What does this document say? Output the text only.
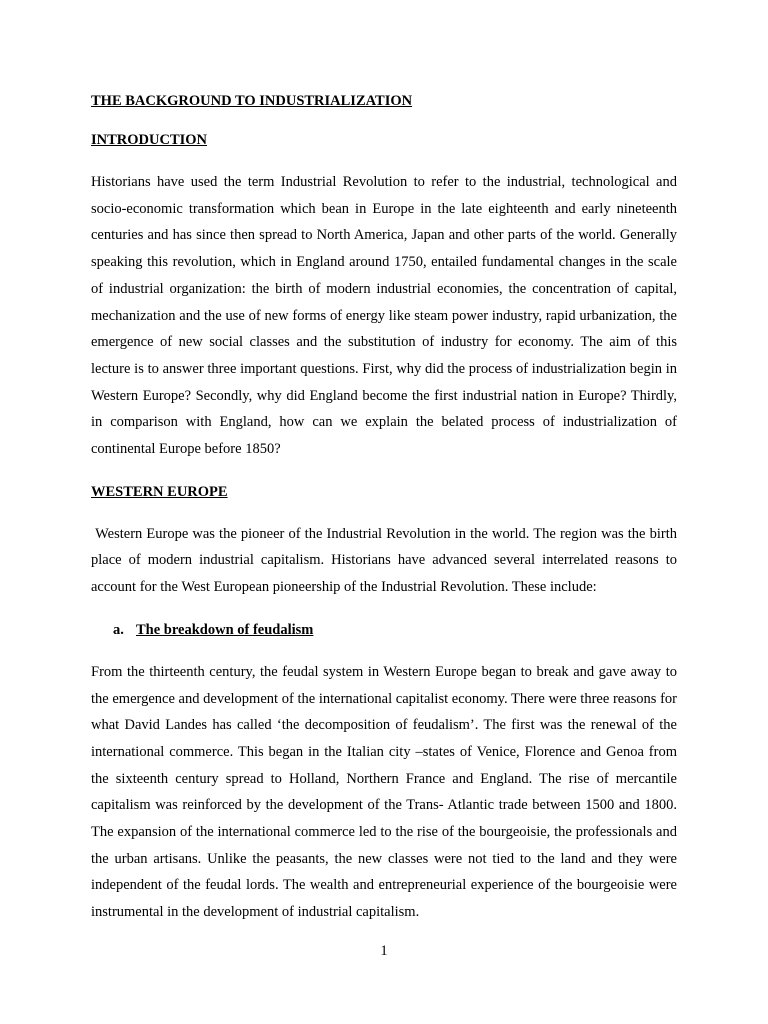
THE BACKGROUND TO INDUSTRIALIZATION
INTRODUCTION

Historians have used the term Industrial Revolution to refer to the industrial, technological and socio-economic transformation which bean in Europe in the late eighteenth and early nineteenth centuries and has since then spread to North America, Japan and other parts of the world. Generally speaking this revolution, which in England around 1750, entailed fundamental changes in the scale of industrial organization: the birth of modern industrial economies, the concentration of capital, mechanization and the use of new forms of energy like steam power industry, rapid urbanization, the emergence of new social classes and the substitution of industry for economy. The aim of this lecture is to answer three important questions. First, why did the process of industrialization begin in Western Europe? Secondly, why did England become the first industrial nation in Europe? Thirdly, in comparison with England, how can we explain the belated process of industrialization of continental Europe before 1850?

WESTERN EUROPE

Western Europe was the pioneer of the Industrial Revolution in the world. The region was the birth place of modern industrial capitalism. Historians have advanced several interrelated reasons to account for the West European pioneership of the Industrial Revolution. These include:

a. The breakdown of feudalism

From the thirteenth century, the feudal system in Western Europe began to break and gave away to the emergence and development of the international capitalist economy. There were three reasons for what David Landes has called ‘the decomposition of feudalism’. The first was the renewal of the international commerce. This began in the Italian city –states of Venice, Florence and Genoa from the sixteenth century spread to Holland, Northern France and England. The rise of mercantile capitalism was reinforced by the development of the Trans- Atlantic trade between 1500 and 1800. The expansion of the international commerce led to the rise of the bourgeoisie, the professionals and the urban artisans. Unlike the peasants, the new classes were not tied to the land and they were independent of the feudal lords. The wealth and entrepreneurial experience of the bourgeoisie were instrumental in the development of industrial capitalism.

1
